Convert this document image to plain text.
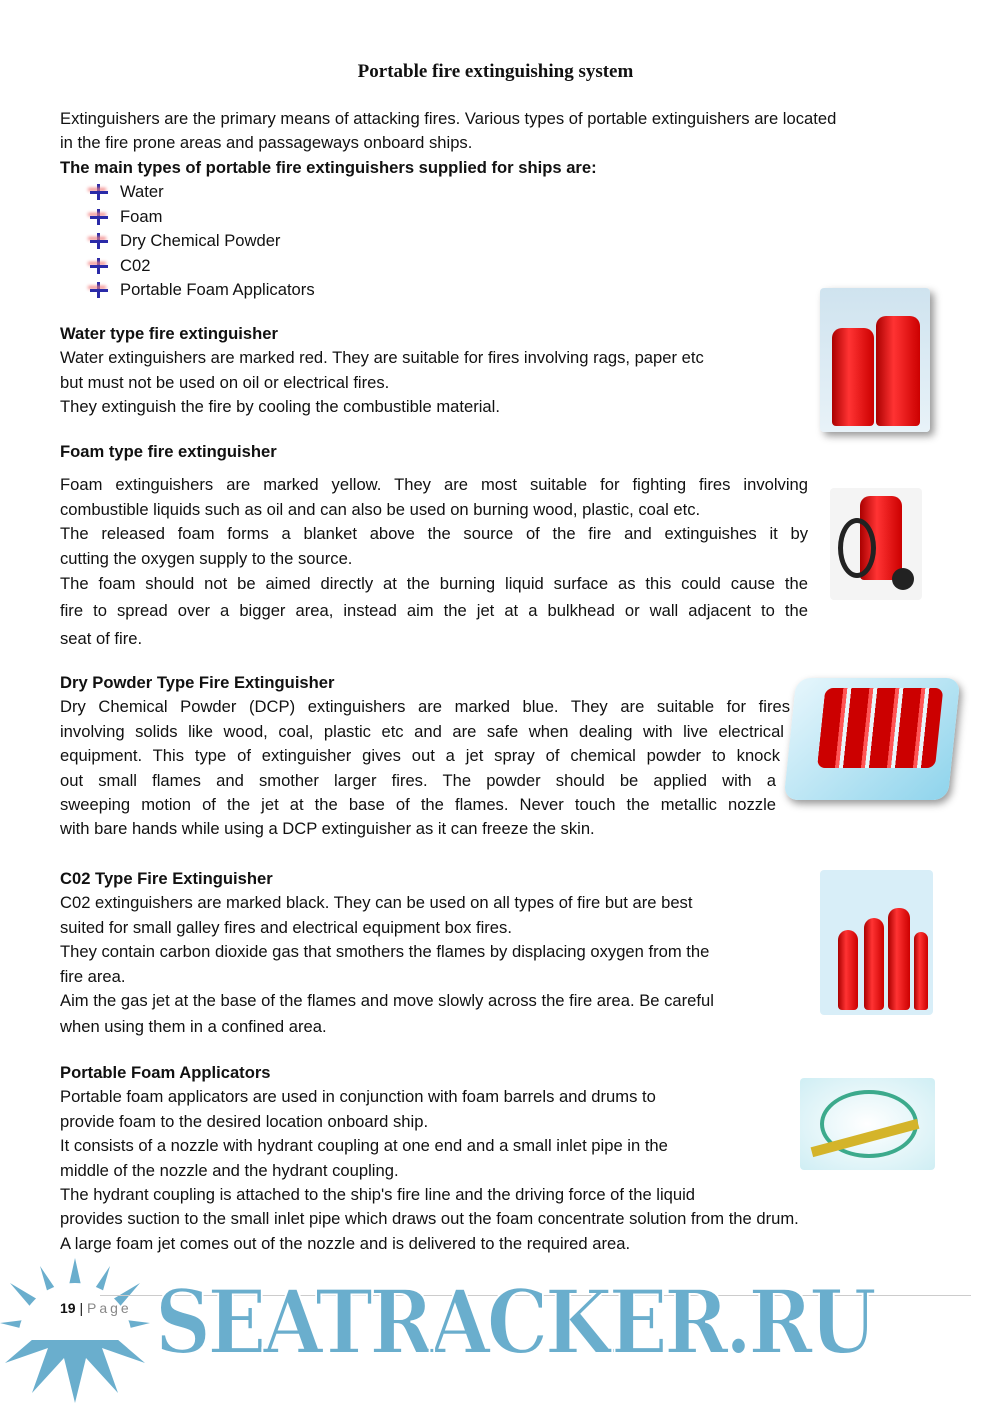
Portable fire extinguishing system
Extinguishers are the primary means of attacking fires. Various types of portable extinguishers are located
in the fire prone areas and passageways onboard ships.
The main types of portable fire extinguishers supplied for ships are:
Water
Foam
Dry Chemical Powder
C02
Portable Foam Applicators
Water type fire extinguisher
Water extinguishers are marked red. They are suitable for fires involving rags, paper etc
but must not be used on oil or electrical fires.
They extinguish the fire by cooling the combustible material.
Foam type fire extinguisher
Foam extinguishers are marked yellow. They are most suitable for fighting fires involving
combustible liquids such as oil and can also be used on burning wood, plastic, coal etc.
The released foam forms a blanket above the source of the fire and extinguishes it by
cutting the oxygen supply to the source.
The foam should not be aimed directly at the burning liquid surface as this could cause the
fire to spread over a bigger area, instead aim the jet at a bulkhead or wall adjacent to the
seat of fire.
Dry Powder Type Fire Extinguisher
Dry Chemical Powder (DCP) extinguishers are marked blue. They are suitable for fires
involving solids like wood, coal, plastic etc and are safe when dealing with live electrical
equipment. This type of extinguisher gives out a jet spray of chemical powder to knock
out small flames and smother larger fires. The powder should be applied with a
sweeping motion of the jet at the base of the flames. Never touch the metallic nozzle
with bare hands while using a DCP extinguisher as it can freeze the skin.
C02 Type Fire Extinguisher
C02 extinguishers are marked black. They can be used on all types of fire but are best
suited for small galley fires and electrical equipment box fires.
They contain carbon dioxide gas that smothers the flames by displacing oxygen from the
fire area.
Aim the gas jet at the base of the flames and move slowly across the fire area. Be careful
when using them in a confined area.
Portable Foam Applicators
Portable foam applicators are used in conjunction with foam barrels and drums to
provide foam to the desired location onboard ship.
It consists of a nozzle with hydrant coupling at one end and a small inlet pipe in the
middle of the nozzle and the hydrant coupling.
The hydrant coupling is attached to the ship's fire line and the driving force of the liquid
provides suction to the small inlet pipe which draws out the foam concentrate solution from the drum.
A large foam jet comes out of the nozzle and is delivered to the required area.
19 | Page SEATRACKER.RU
